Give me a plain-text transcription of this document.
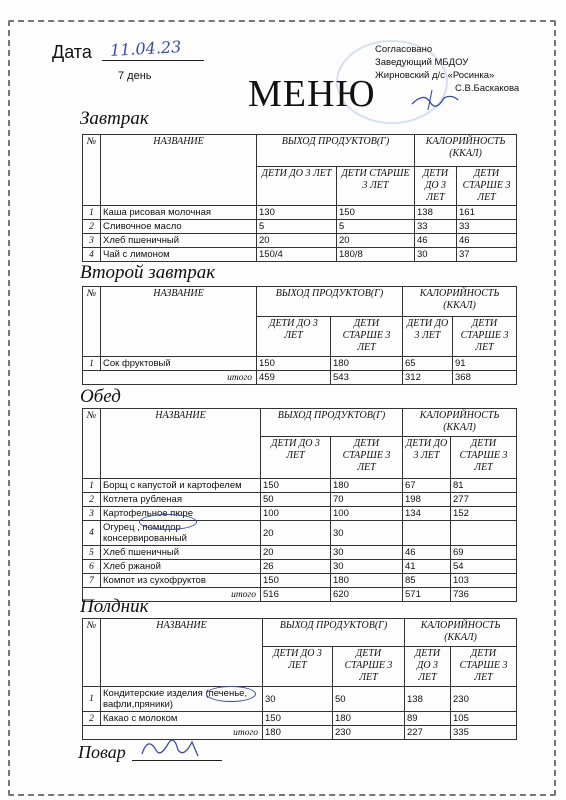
Дата 11.04.23
7 день	МЕНЮ
Согласовано
Заведующий МБДОУ
Жирновский д/с «Росинка»
С.В.Баскакова
Завтрак
№	НАЗВАНИЕ	ВЫХОД ПРОДУКТОВ(Г)		КАЛОРИЙНОСТЬ (ККАЛ)	
		ДЕТИ ДО 3 ЛЕТ	ДЕТИ СТАРШЕ 3 ЛЕТ	ДЕТИ ДО 3 ЛЕТ	ДЕТИ СТАРШЕ 3 ЛЕТ
1	Каша рисовая молочная	130	150	138	161
2	Сливочное масло	5	5	33	33
3	Хлеб пшеничный	20	20	46	46
4	Чай с лимоном	150/4	180/8	30	37
Второй завтрак
№	НАЗВАНИЕ	ВЫХОД ПРОДУКТОВ(Г)		КАЛОРИЙНОСТЬ (ККАЛ)	
		ДЕТИ ДО 3 ЛЕТ	ДЕТИ СТАРШЕ 3 ЛЕТ	ДЕТИ ДО 3 ЛЕТ	ДЕТИ СТАРШЕ 3 ЛЕТ
1	Сок фруктовый	150	180	65	91
итого		459	543	312	368
Обед
№	НАЗВАНИЕ	ВЫХОД ПРОДУКТОВ(Г)		КАЛОРИЙНОСТЬ (ККАЛ)	
		ДЕТИ ДО 3 ЛЕТ	ДЕТИ СТАРШЕ 3 ЛЕТ	ДЕТИ ДО 3 ЛЕТ	ДЕТИ СТАРШЕ 3 ЛЕТ
1	Борщ с капустой и картофелем	150	180	67	81
2	Котлета рубленая	50	70	198	277
3	Картофельное пюре	100	100	134	152
4	Огурец , помидор консервированный	20	30		
5	Хлеб пшеничный	20	30	46	69
6	Хлеб ржаной	26	30	41	54
7	Компот из сухофруктов	150	180	85	103
итого		516	620	571	736
Полдник
№	НАЗВАНИЕ	ВЫХОД ПРОДУКТОВ(Г)		КАЛОРИЙНОСТЬ (ККАЛ)	
		ДЕТИ ДО 3 ЛЕТ	ДЕТИ СТАРШЕ 3 ЛЕТ	ДЕТИ ДО 3 ЛЕТ	ДЕТИ СТАРШЕ 3 ЛЕТ
1	Кондитерские изделия (печенье, вафли,пряники)	30	50	138	230
2	Какао с молоком	150	180	89	105
итого		180	230	227	335
Повар
